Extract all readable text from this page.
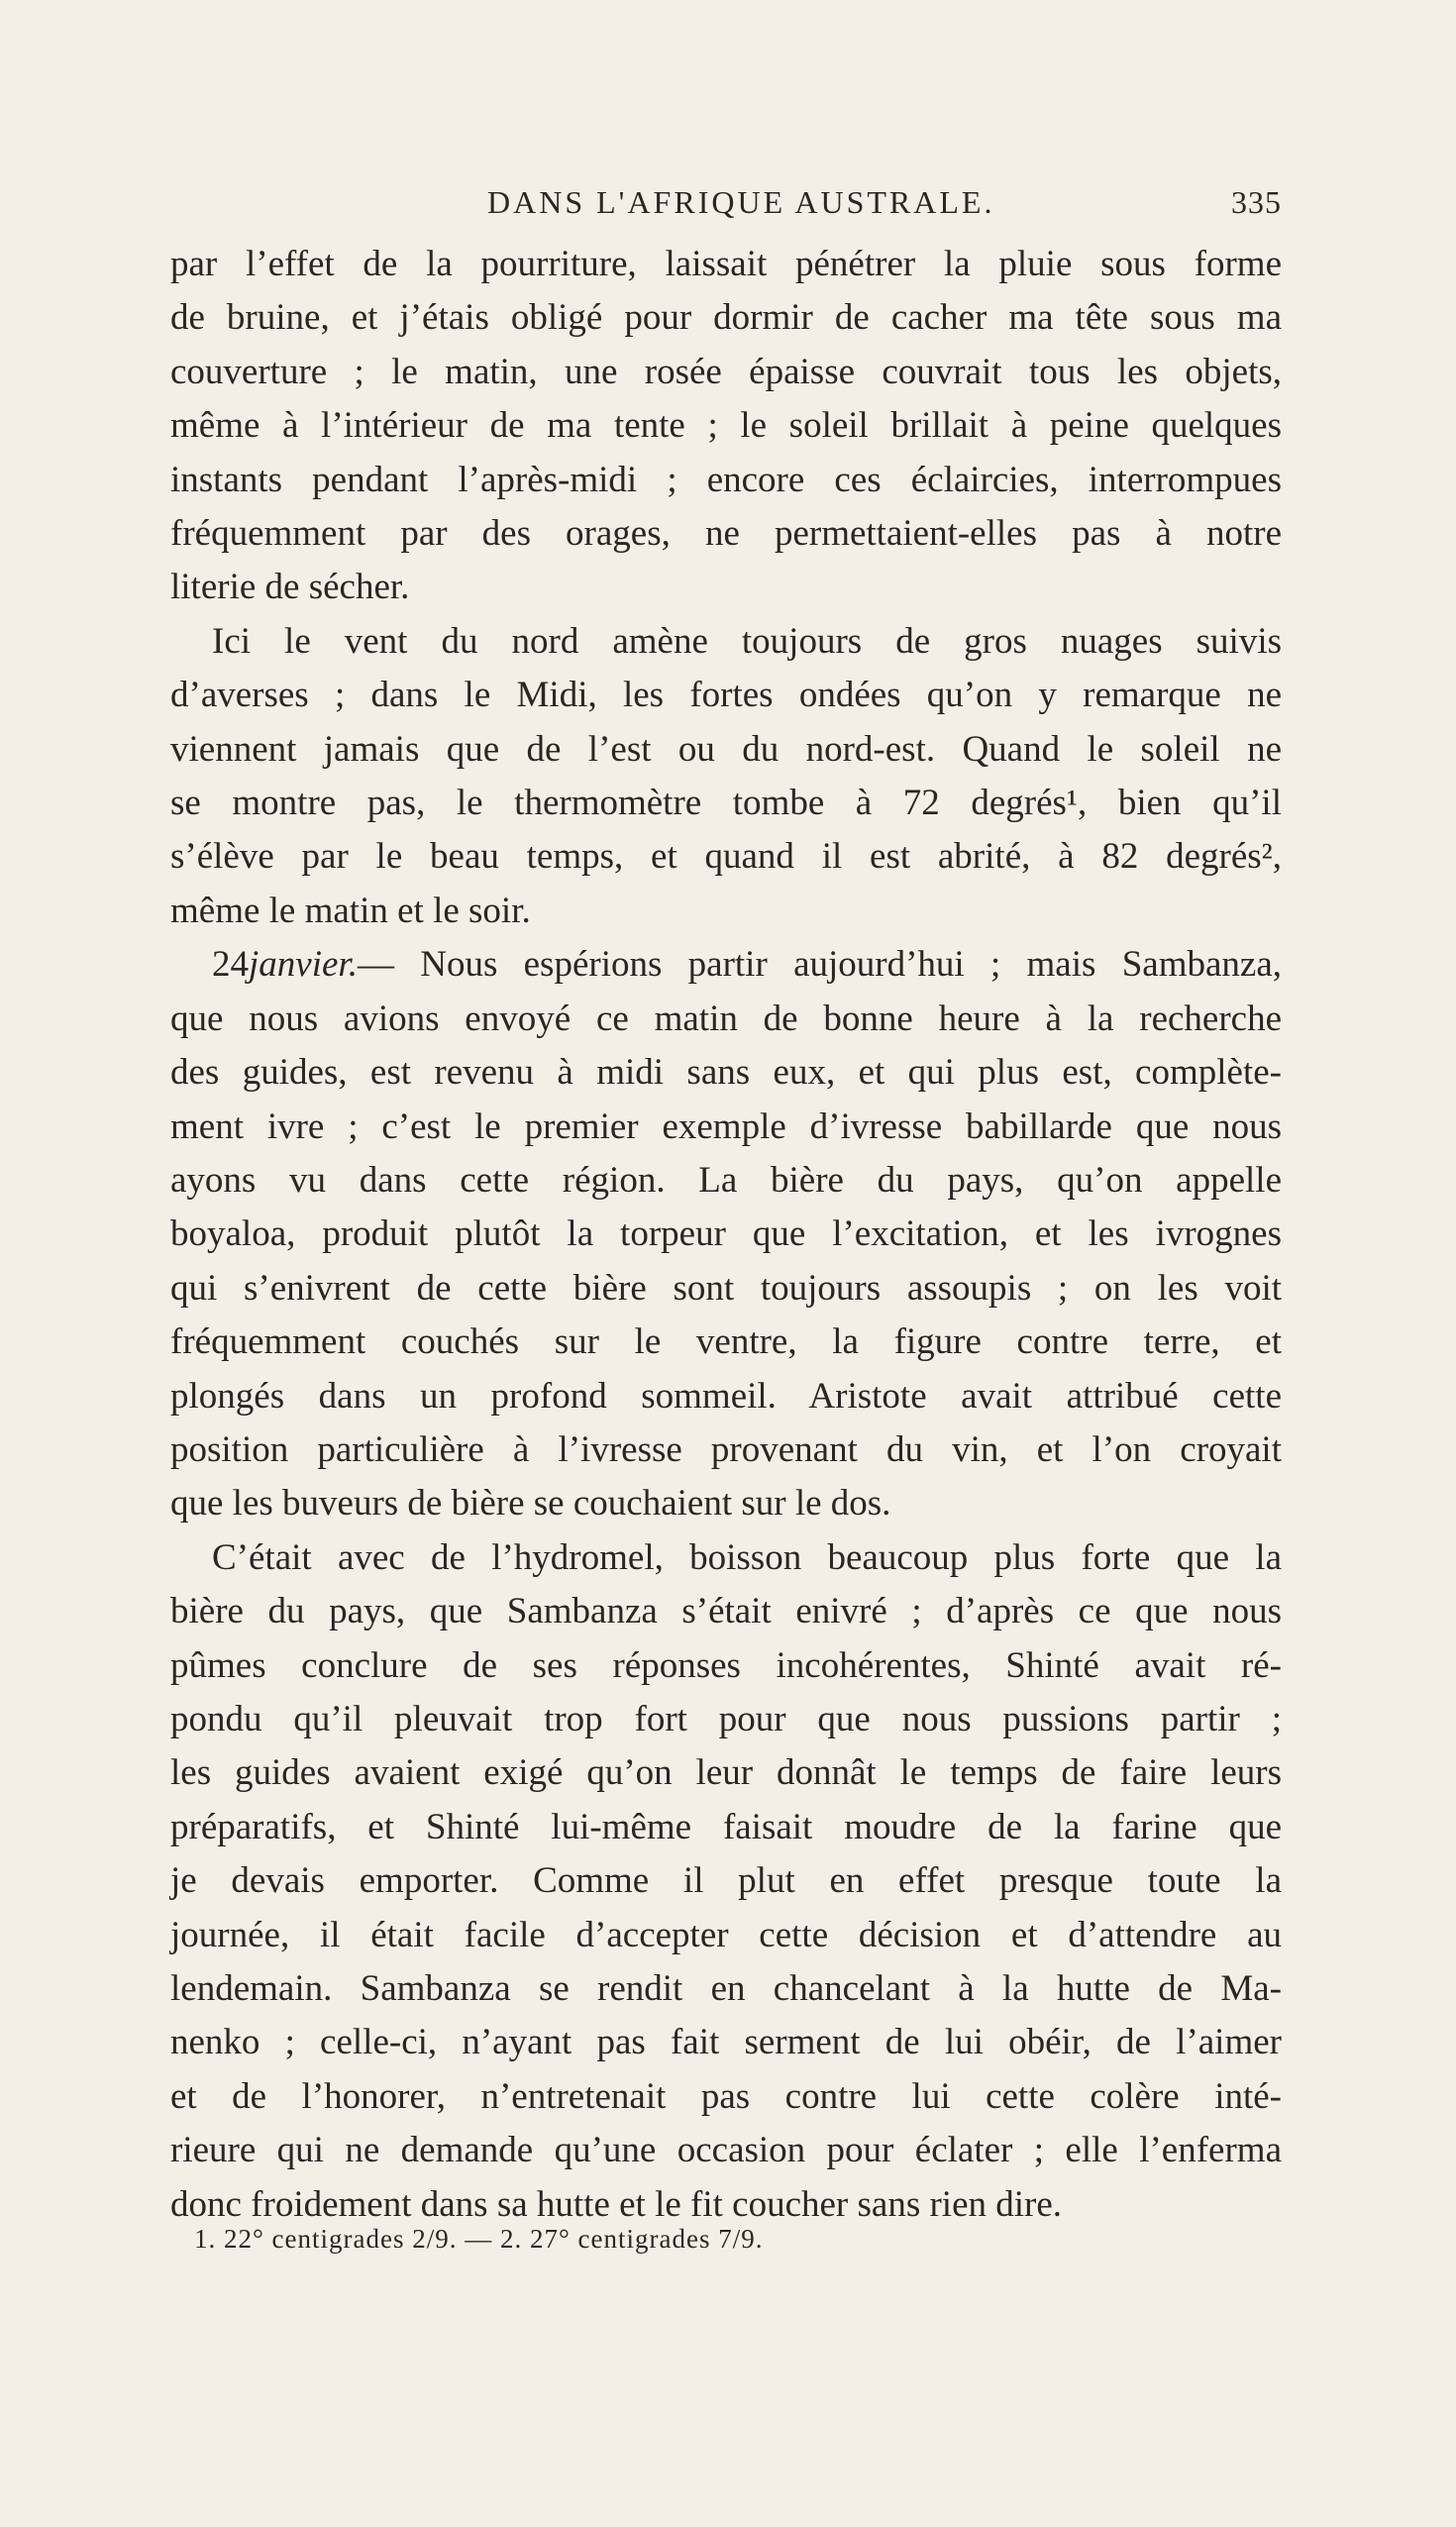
DANS L'AFRIQUE AUSTRALE.	335

par l’effet de la pourriture, laissait pénétrer la pluie sous forme

de bruine, et j’étais obligé pour dormir de cacher ma tête sous ma

couverture ; le matin, une rosée épaisse couvrait tous les objets,

même à l’intérieur de ma tente ; le soleil brillait à peine quelques

instants pendant l’après-midi ; encore ces éclaircies, interrompues

fréquemment par des orages, ne permettaient-elles pas à notre

literie de sécher.

Ici le vent du nord amène toujours de gros nuages suivis

d’averses ; dans le Midi, les fortes ondées qu’on y remarque ne

viennent jamais que de l’est ou du nord-est. Quand le soleil ne

se montre pas, le thermomètre tombe à 72 degrés¹, bien qu’il

s’élève par le beau temps, et quand il est abrité, à 82 degrés²,

même le matin et le soir.

24janvier.— Nous espérions partir aujourd’hui ; mais Sambanza,

que nous avions envoyé ce matin de bonne heure à la recherche

des guides, est revenu à midi sans eux, et qui plus est, complète-

ment ivre ; c’est le premier exemple d’ivresse babillarde que nous

ayons vu dans cette région. La bière du pays, qu’on appelle

boyaloa, produit plutôt la torpeur que l’excitation, et les ivrognes

qui s’enivrent de cette bière sont toujours assoupis ; on les voit

fréquemment couchés sur le ventre, la figure contre terre, et

plongés dans un profond sommeil. Aristote avait attribué cette

position particulière à l’ivresse provenant du vin, et l’on croyait

que les buveurs de bière se couchaient sur le dos.

C’était avec de l’hydromel, boisson beaucoup plus forte que la

bière du pays, que Sambanza s’était enivré ; d’après ce que nous

pûmes conclure de ses réponses incohérentes, Shinté avait ré-

pondu qu’il pleuvait trop fort pour que nous pussions partir ;

les guides avaient exigé qu’on leur donnât le temps de faire leurs

préparatifs, et Shinté lui-même faisait moudre de la farine que

je devais emporter. Comme il plut en effet presque toute la

journée, il était facile d’accepter cette décision et d’attendre au

lendemain. Sambanza se rendit en chancelant à la hutte de Ma-

nenko ; celle-ci, n’ayant pas fait serment de lui obéir, de l’aimer

et de l’honorer, n’entretenait pas contre lui cette colère inté-

rieure qui ne demande qu’une occasion pour éclater ; elle l’enferma

donc froidement dans sa hutte et le fit coucher sans rien dire.

1. 22° centigrades 2/9. — 2. 27° centigrades 7/9.
